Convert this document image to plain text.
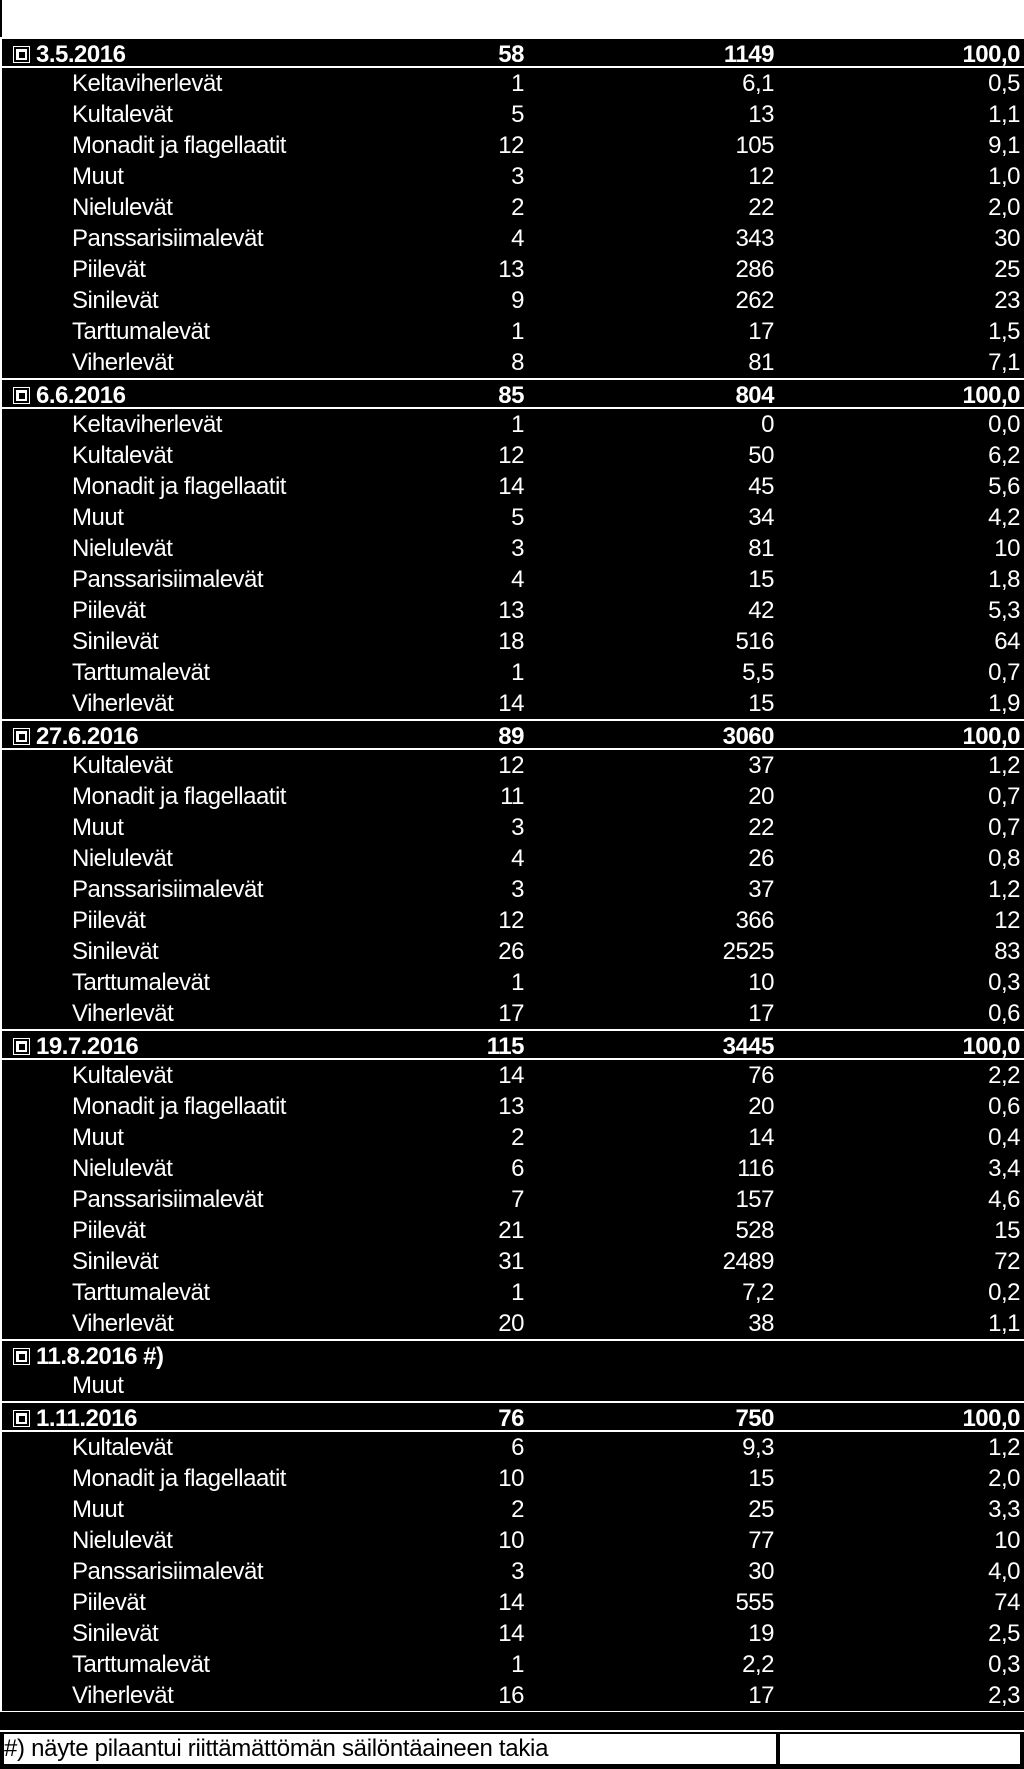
3.5.2016	58	1149	100,0
Keltaviherlevät	1	6,1	0,5
Kultalevät	5	13	1,1
Monadit ja flagellaatit	12	105	9,1
Muut	3	12	1,0
Nielulevät	2	22	2,0
Panssarisiimalevät	4	343	30
Piilevät	13	286	25
Sinilevät	9	262	23
Tarttumalevät	1	17	1,5
Viherlevät	8	81	7,1
6.6.2016	85	804	100,0
Keltaviherlevät	1	0	0,0
Kultalevät	12	50	6,2
Monadit ja flagellaatit	14	45	5,6
Muut	5	34	4,2
Nielulevät	3	81	10
Panssarisiimalevät	4	15	1,8
Piilevät	13	42	5,3
Sinilevät	18	516	64
Tarttumalevät	1	5,5	0,7
Viherlevät	14	15	1,9
27.6.2016	89	3060	100,0
Kultalevät	12	37	1,2
Monadit ja flagellaatit	11	20	0,7
Muut	3	22	0,7
Nielulevät	4	26	0,8
Panssarisiimalevät	3	37	1,2
Piilevät	12	366	12
Sinilevät	26	2525	83
Tarttumalevät	1	10	0,3
Viherlevät	17	17	0,6
19.7.2016	115	3445	100,0
Kultalevät	14	76	2,2
Monadit ja flagellaatit	13	20	0,6
Muut	2	14	0,4
Nielulevät	6	116	3,4
Panssarisiimalevät	7	157	4,6
Piilevät	21	528	15
Sinilevät	31	2489	72
Tarttumalevät	1	7,2	0,2
Viherlevät	20	38	1,1
11.8.2016 #)
Muut
1.11.2016	76	750	100,0
Kultalevät	6	9,3	1,2
Monadit ja flagellaatit	10	15	2,0
Muut	2	25	3,3
Nielulevät	10	77	10
Panssarisiimalevät	3	30	4,0
Piilevät	14	555	74
Sinilevät	14	19	2,5
Tarttumalevät	1	2,2	0,3
Viherlevät	16	17	2,3
#) näyte pilaantui riittämättömän säilöntäaineen takia
